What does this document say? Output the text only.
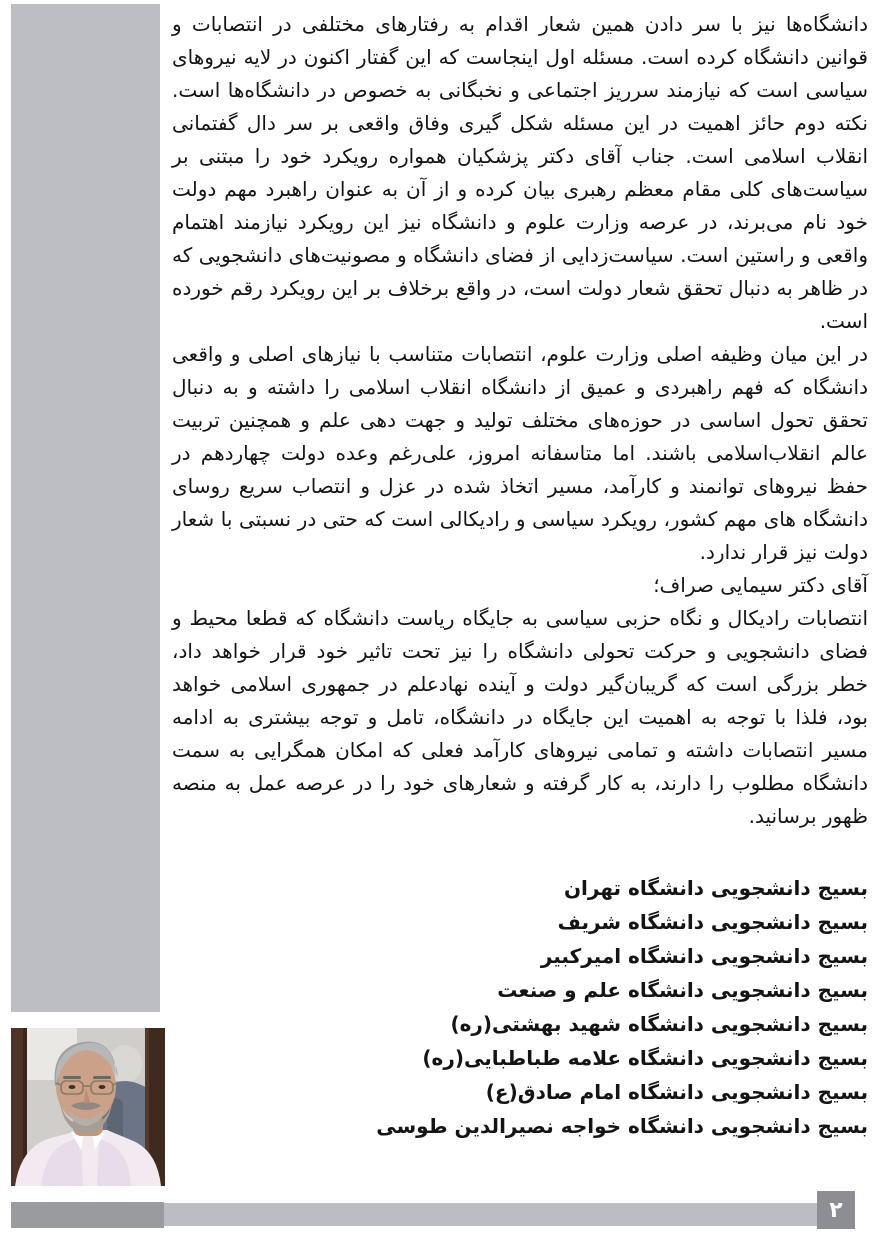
دانشگاه‌ها نیز با سر دادن همین شعار اقدام به رفتارهای مختلفی در انتصابات و قوانین دانشگاه کرده است. مسئله اول اینجاست که این گفتار اکنون در لایه نیروهای سیاسی است که نیازمند سرریز اجتماعی و نخبگانی به خصوص در دانشگاه‌ها است. نکته دوم حائز اهمیت در این مسئله شکل گیری وفاق واقعی بر سر دال گفتمانی انقلاب اسلامی است. جناب آقای دکتر پزشکیان همواره رویکرد خود را مبتنی بر سیاست‌های کلی مقام معظم رهبری بیان کرده و از آن به عنوان راهبرد مهم دولت خود نام می‌برند، در عرصه وزارت علوم و دانشگاه نیز این رویکرد نیازمند اهتمام واقعی و راستین است. سیاست‌زدایی از فضای دانشگاه و مصونیت‌های دانشجویی که در ظاهر به دنبال تحقق شعار دولت است، در واقع برخلاف بر این رویکرد رقم خورده است.

در این میان وظیفه اصلی وزارت علوم، انتصابات متناسب با نیازهای اصلی و واقعی دانشگاه که فهم راهبردی و عمیق از دانشگاه انقلاب اسلامی را داشته و به دنبال تحقق تحول اساسی در حوزه‌های مختلف تولید و جهت دهی علم و همچنین تربیت عالم انقلاب‌اسلامی باشند. اما متاسفانه امروز، علی‌رغم وعده دولت چهاردهم در حفظ نیروهای توانمند و کارآمد، مسیر اتخاذ شده در عزل و انتصاب سریع روسای دانشگاه های مهم کشور، رویکرد سیاسی و رادیکالی است که حتی در نسبتی با شعار دولت نیز قرار ندارد.

آقای دکتر سیمایی صراف؛

انتصابات رادیکال و نگاه حزبی سیاسی به جایگاه ریاست دانشگاه که قطعا محیط و فضای دانشجویی و حرکت تحولی دانشگاه را نیز تحت تاثیر خود قرار خواهد داد، خطر بزرگی است که گریبان‌گیر دولت و آینده نهادعلم در جمهوری اسلامی خواهد بود، فلذا با توجه به اهمیت این جایگاه در دانشگاه، تامل و توجه بیشتری به ادامه مسیر انتصابات داشته و تمامی نیروهای کارآمد فعلی که امکان همگرایی به سمت دانشگاه مطلوب را دارند، به کار گرفته و شعارهای خود را در عرصه عمل به منصه ظهور برسانید.

بسیج دانشجویی دانشگاه تهران
بسیج دانشجویی دانشگاه شریف
بسیج دانشجویی دانشگاه امیرکبیر
بسیج دانشجویی دانشگاه علم و صنعت
بسیج دانشجویی دانشگاه شهید بهشتی(ره)
بسیج دانشجویی دانشگاه علامه طباطبایی(ره)
بسیج دانشجویی دانشگاه امام صادق(ع)
بسیج دانشجویی دانشگاه خواجه نصیرالدین طوسی
۲
